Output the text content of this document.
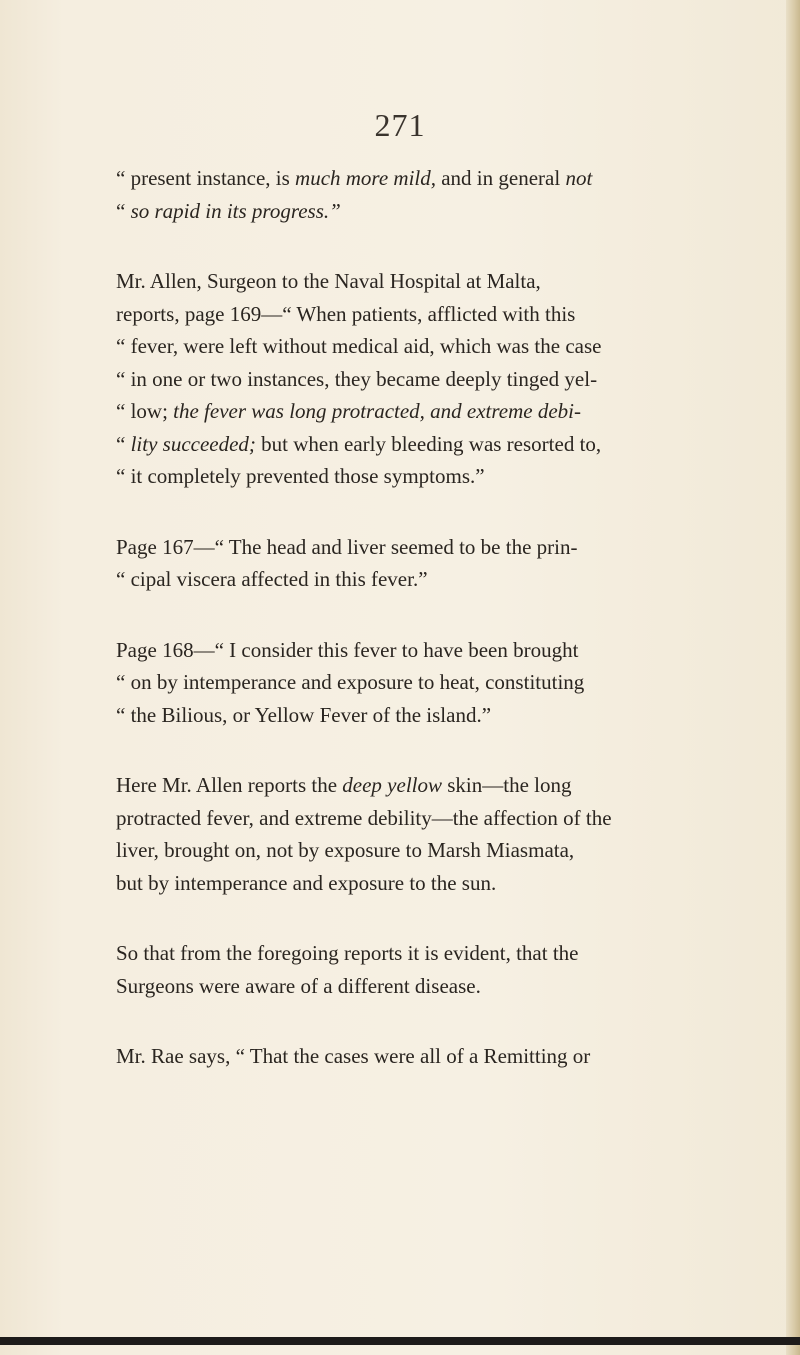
271
“ present instance, is much more mild, and in general not
“ so rapid in its progress.”
Mr. Allen, Surgeon to the Naval Hospital at Malta,
reports, page 169—“ When patients, afflicted with this
“ fever, were left without medical aid, which was the case
“ in one or two instances, they became deeply tinged yel-
“ low; the fever was long protracted, and extreme debi-
“ lity succeeded; but when early bleeding was resorted to,
“ it completely prevented those symptoms.”
Page 167—“ The head and liver seemed to be the prin-
“ cipal viscera affected in this fever.”
Page 168—“ I consider this fever to have been brought
“ on by intemperance and exposure to heat, constituting
“ the Bilious, or Yellow Fever of the island.”
Here Mr. Allen reports the deep yellow skin—the long
protracted fever, and extreme debility—the affection of the
liver, brought on, not by exposure to Marsh Miasmata,
but by intemperance and exposure to the sun.
So that from the foregoing reports it is evident, that the
Surgeons were aware of a different disease.
Mr. Rae says, “ That the cases were all of a Remitting or
